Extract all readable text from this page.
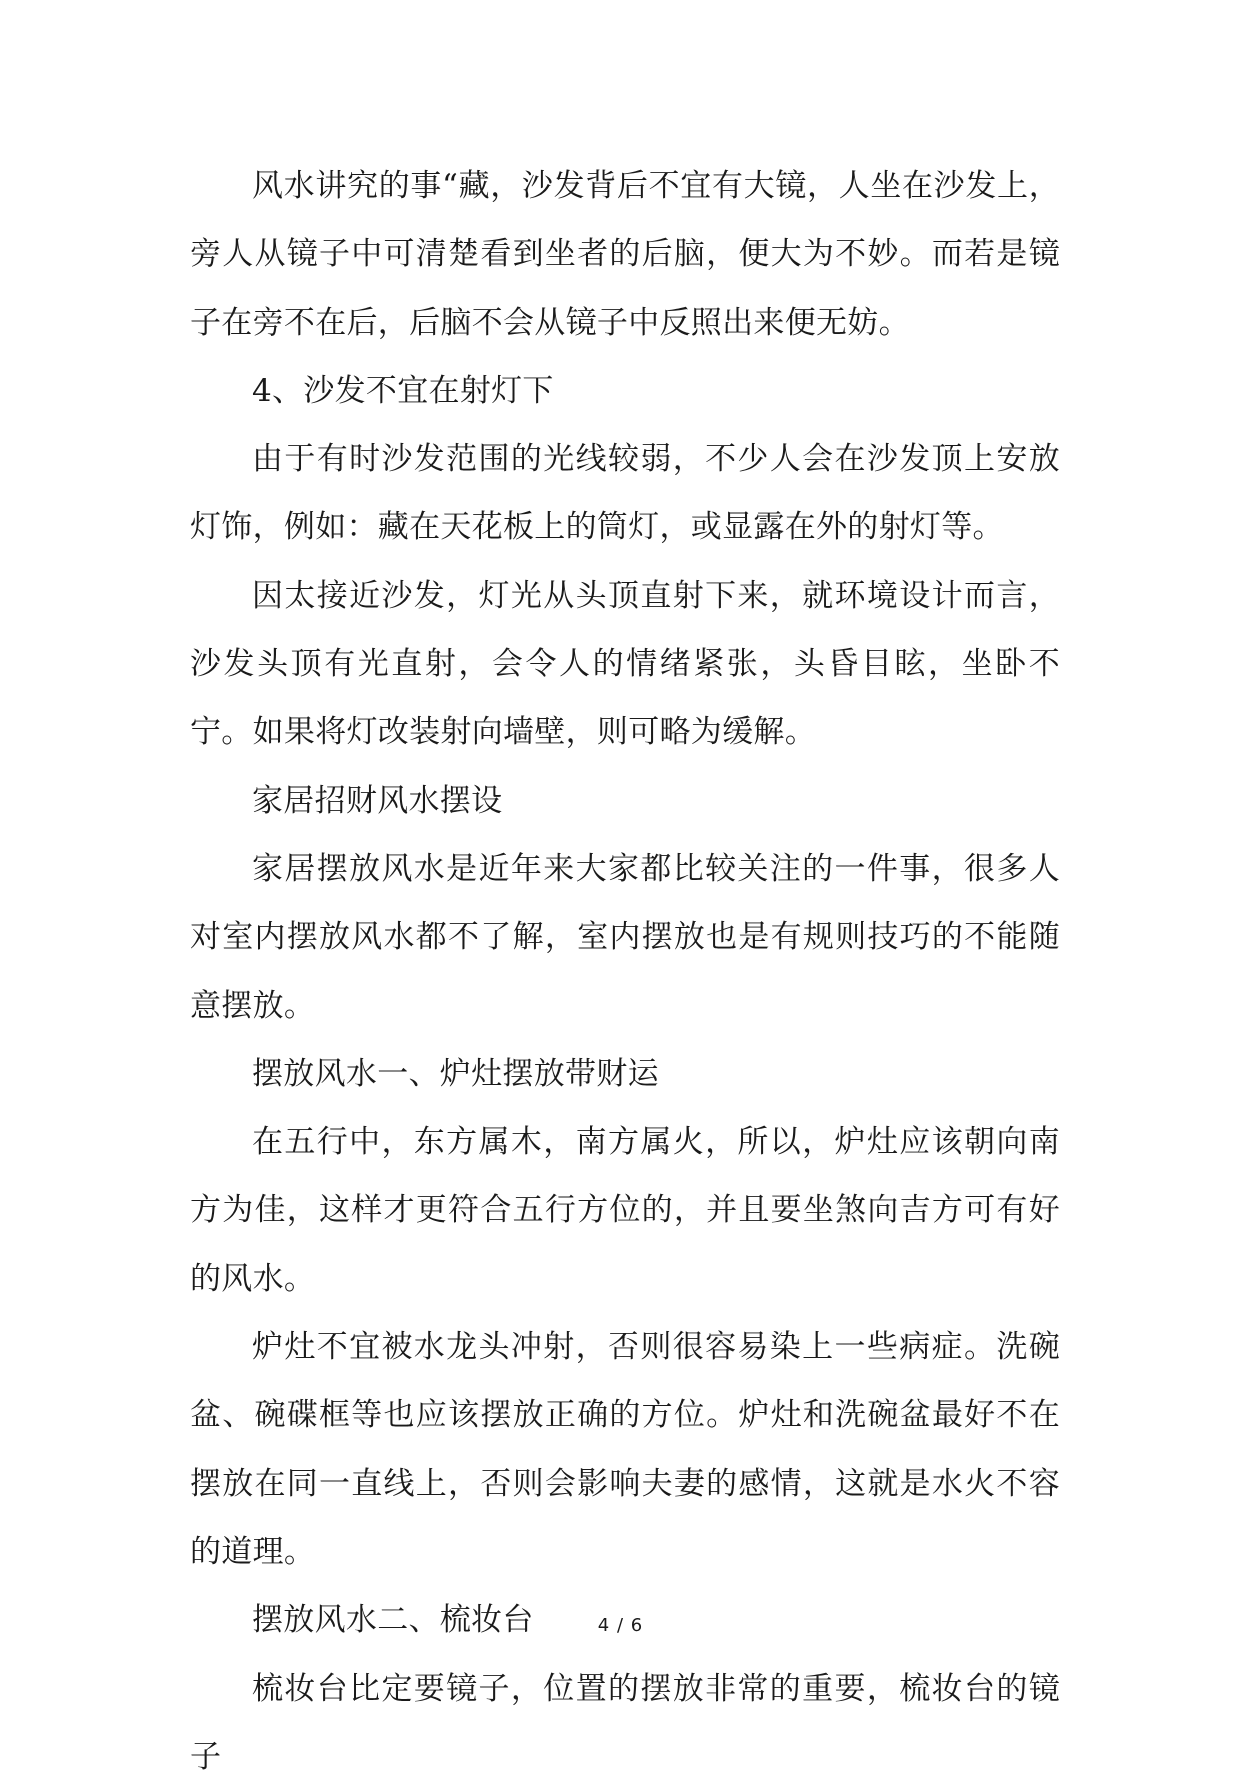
风水讲究的事“藏，沙发背后不宜有大镜，人坐在沙发上，旁人从镜子中可清楚看到坐者的后脑，便大为不妙。而若是镜子在旁不在后，后脑不会从镜子中反照出来便无妨。

4、沙发不宜在射灯下

由于有时沙发范围的光线较弱，不少人会在沙发顶上安放灯饰，例如：藏在天花板上的筒灯，或显露在外的射灯等。

因太接近沙发，灯光从头顶直射下来，就环境设计而言，沙发头顶有光直射，会令人的情绪紧张，头昏目眩，坐卧不宁。如果将灯改装射向墙壁，则可略为缓解。

家居招财风水摆设

家居摆放风水是近年来大家都比较关注的一件事，很多人对室内摆放风水都不了解，室内摆放也是有规则技巧的不能随意摆放。

摆放风水一、炉灶摆放带财运

在五行中，东方属木，南方属火，所以，炉灶应该朝向南方为佳，这样才更符合五行方位的，并且要坐煞向吉方可有好的风水。

炉灶不宜被水龙头冲射，否则很容易染上一些病症。洗碗盆、碗碟框等也应该摆放正确的方位。炉灶和洗碗盆最好不在摆放在同一直线上，否则会影响夫妻的感情，这就是水火不容的道理。

摆放风水二、梳妆台

梳妆台比定要镜子，位置的摆放非常的重要，梳妆台的镜子

4 / 6
